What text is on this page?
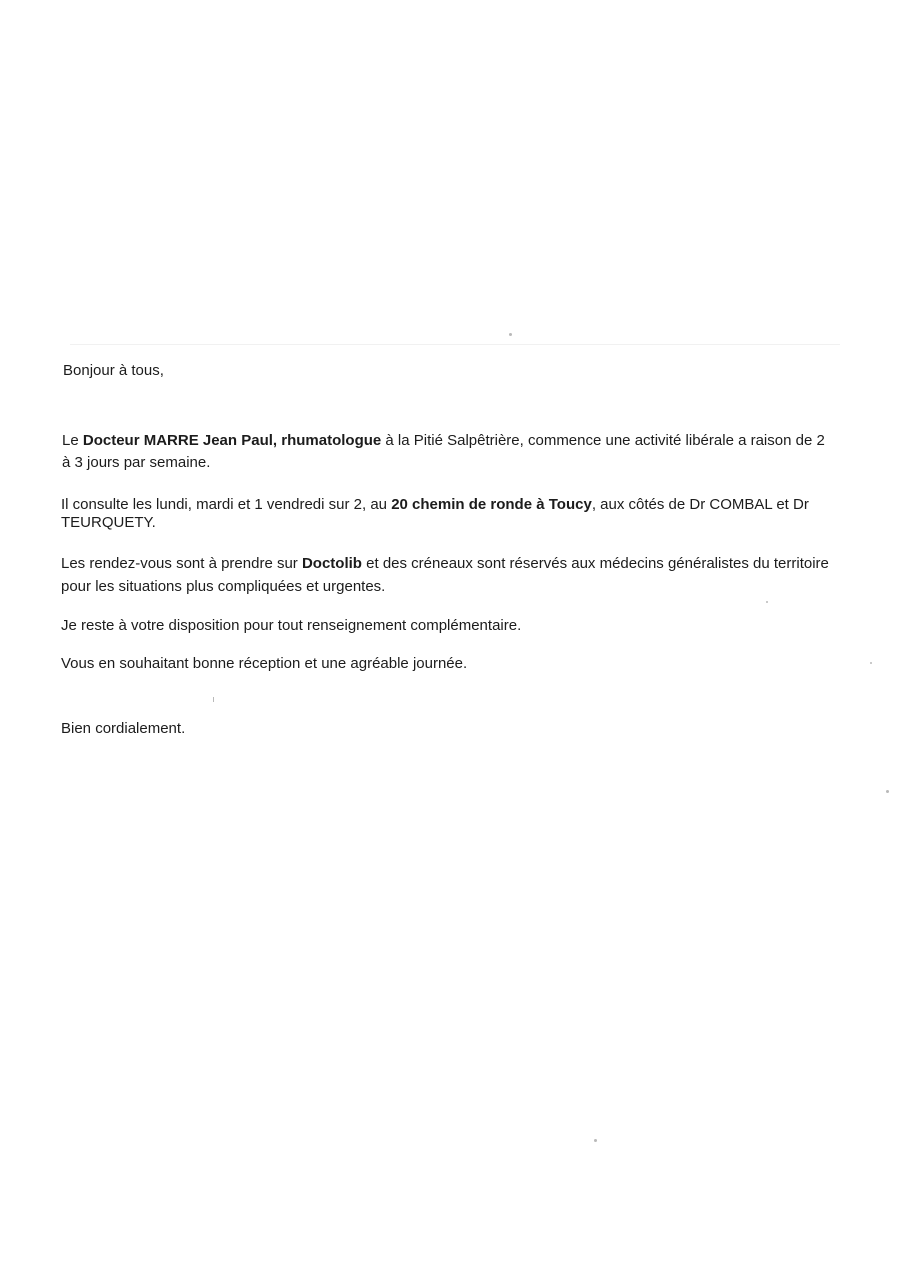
Bonjour à tous,

Le Docteur MARRE Jean Paul, rhumatologue à la Pitié Salpêtrière, commence une activité libérale a raison de 2

à 3 jours par semaine.

Il consulte les lundi, mardi et 1 vendredi sur 2, au 20 chemin de ronde à Toucy, aux côtés de Dr COMBAL et Dr

TEURQUETY.

Les rendez-vous sont à prendre sur Doctolib et des créneaux sont réservés aux médecins généralistes du territoire

pour les situations plus compliquées et urgentes.

Je reste à votre disposition pour tout renseignement complémentaire.

Vous en souhaitant bonne réception et une agréable journée.

Bien cordialement.
